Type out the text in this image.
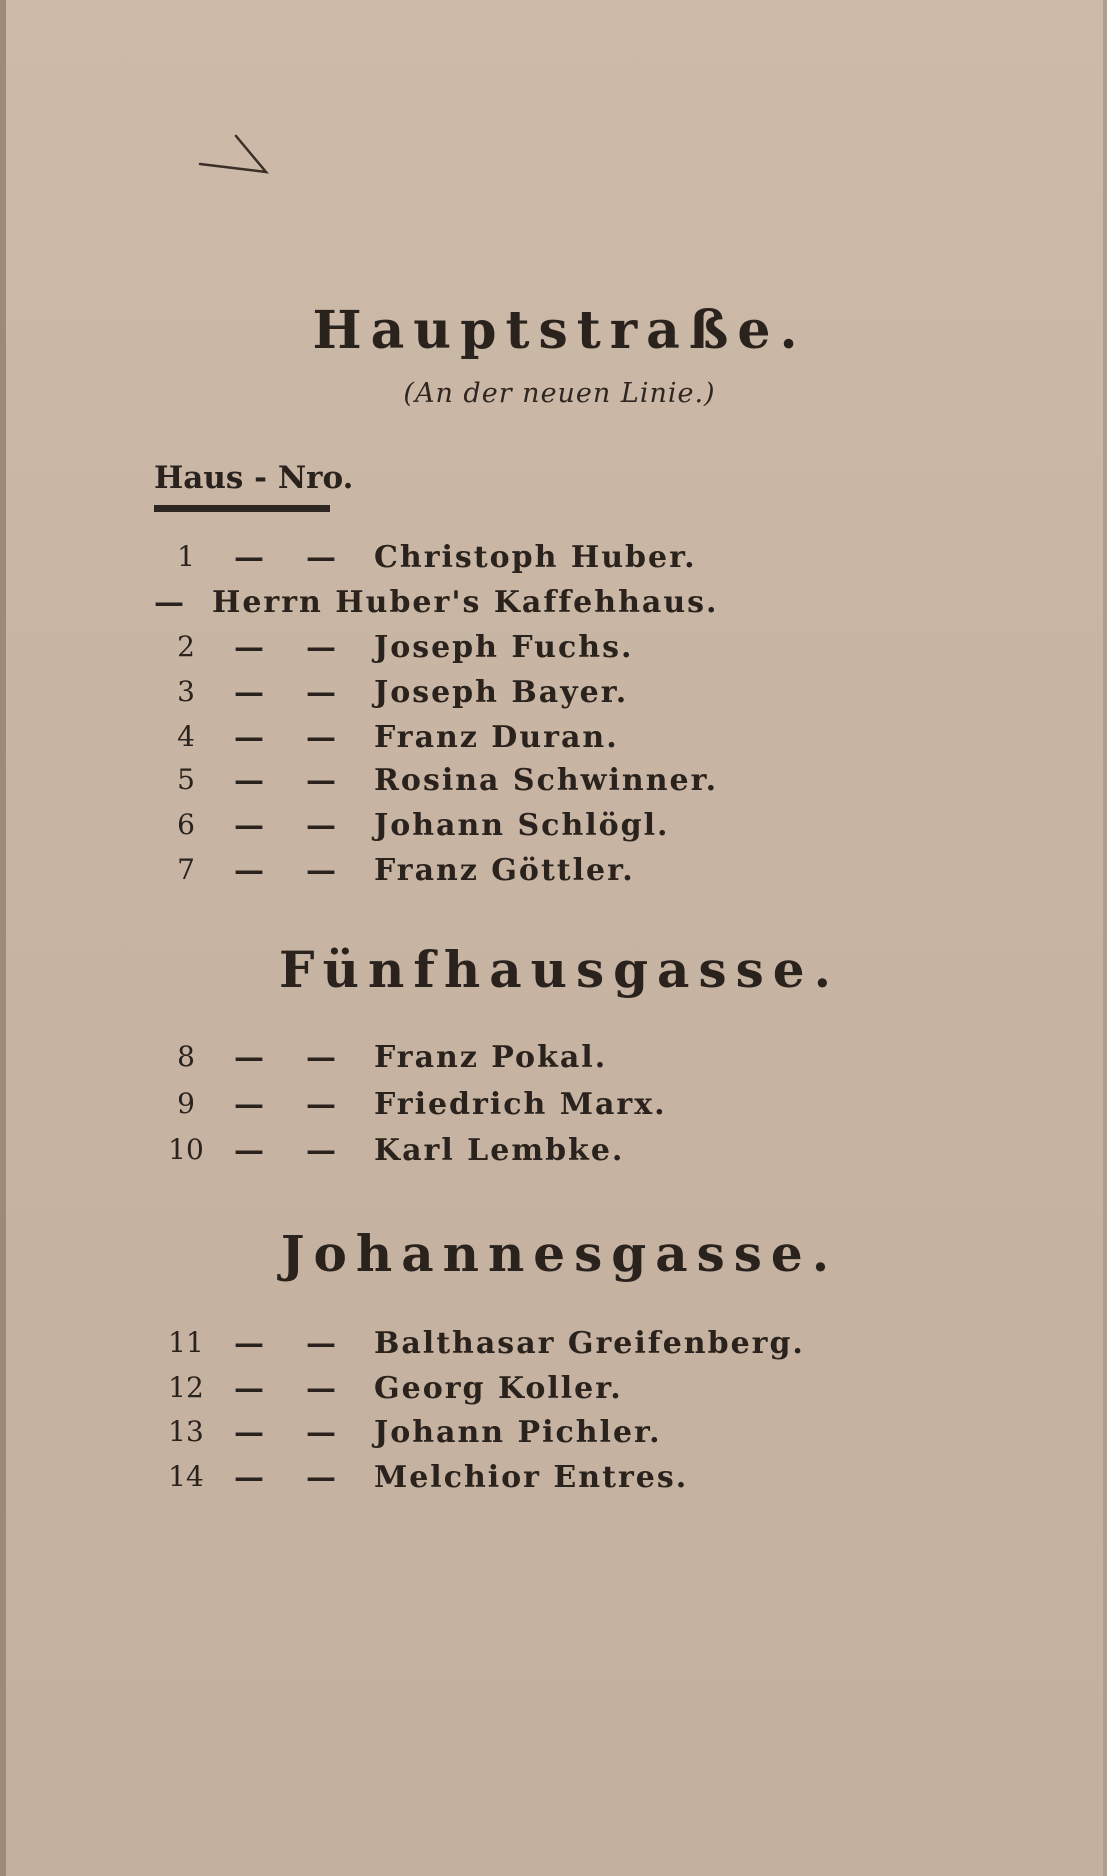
Hauptstraße.
(An der neuen Linie.)
Haus - Nro.
1	— — Christoph Huber.
— Herrn Huber's Kaffehhaus.
2	— — Joseph Fuchs.
3	— — Joseph Bayer.
4	— — Franz Duran.
5	— — Rosina Schwinner.
6	— — Johann Schlögl.
7	— — Franz Göttler.
Fünfhausgasse.
8	— — Franz Pokal.
9	— — Friedrich Marx.
10	— — Karl Lembke.
Johannesgasse.
11	— — Balthasar Greifenberg.
12	— — Georg Koller.
13	— — Johann Pichler.
14	— — Melchior Entres.
